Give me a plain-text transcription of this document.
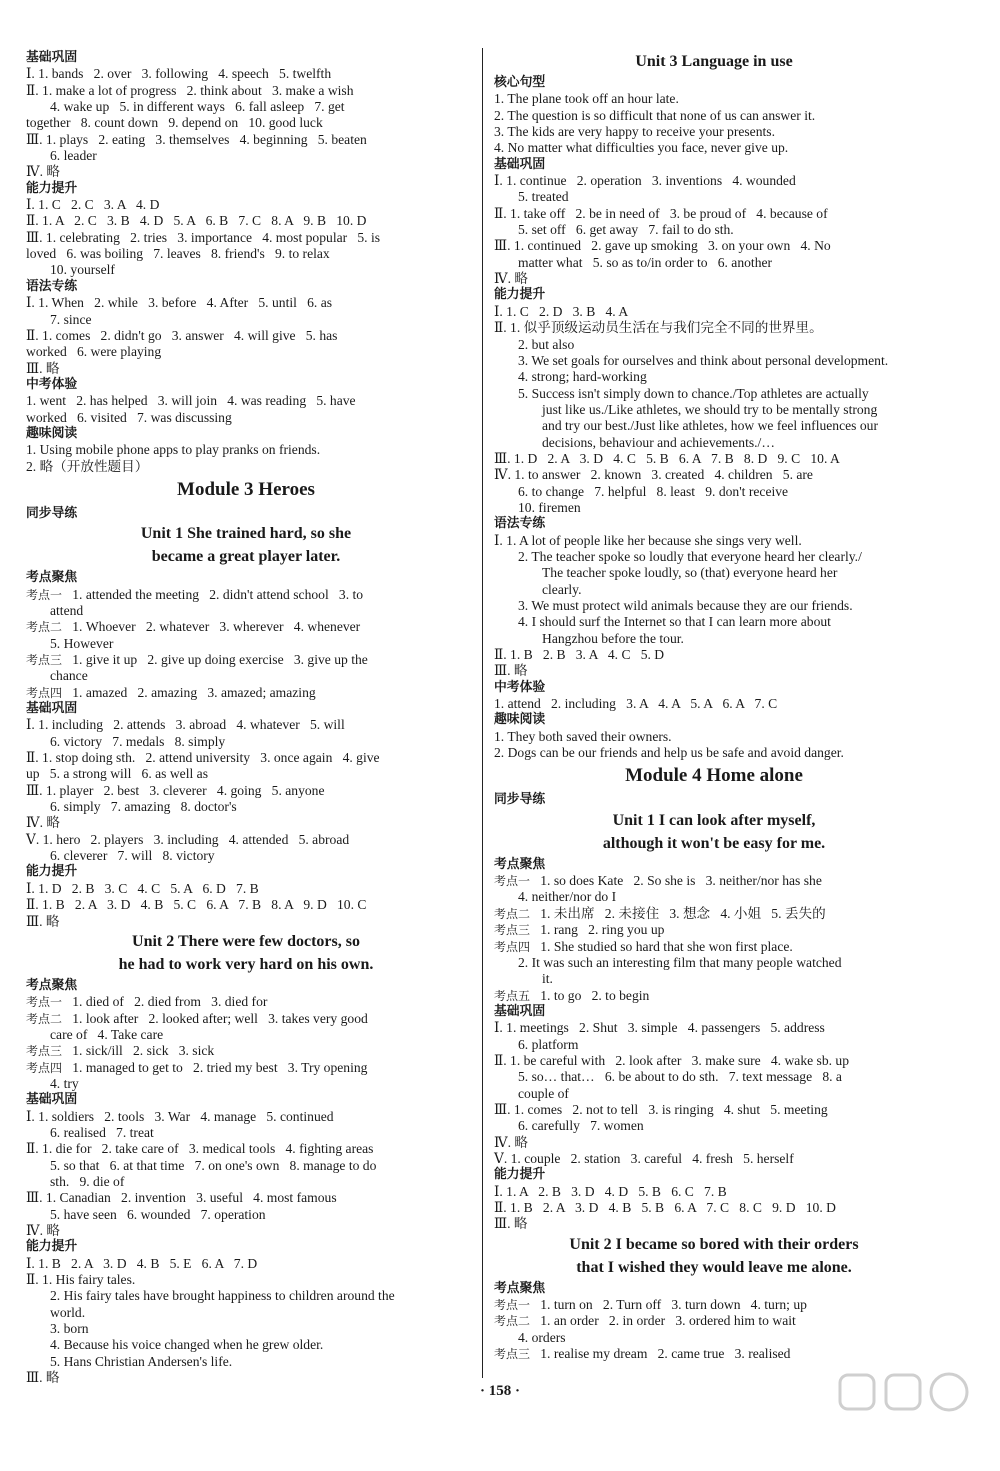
基础巩固
Ⅰ. 1. bands   2. over   3. following   4. speech   5. twelfth
Ⅱ. 1. make a lot of progress   2. think about   3. make a wish
4. wake up   5. in different ways   6. fall asleep   7. get
together   8. count down   9. depend on   10. good luck
Ⅲ. 1. plays   2. eating   3. themselves   4. beginning   5. beaten
6. leader
Ⅳ. 略
能力提升
Ⅰ. 1. C   2. C   3. A   4. D
Ⅱ. 1. A   2. C   3. B   4. D   5. A   6. B   7. C   8. A   9. B   10. D
Ⅲ. 1. celebrating   2. tries   3. importance   4. most popular   5. is
loved   6. was boiling   7. leaves   8. friend's   9. to relax
10. yourself
语法专练
Ⅰ. 1. When   2. while   3. before   4. After   5. until   6. as
7. since
Ⅱ. 1. comes   2. didn't go   3. answer   4. will give   5. has
worked   6. were playing
Ⅲ. 略
中考体验
1. went   2. has helped   3. will join   4. was reading   5. have
worked   6. visited   7. was discussing
趣味阅读
1. Using mobile phone apps to play pranks on friends.
2. 略（开放性题目）
Module 3 Heroes
同步导练
Unit 1 She trained hard, so she
became a great player later.
考点聚焦
考点一 1. attended the meeting   2. didn't attend school   3. to
attend
考点二 1. Whoever   2. whatever   3. wherever   4. whenever
5. However
考点三 1. give it up   2. give up doing exercise   3. give up the
chance
考点四 1. amazed   2. amazing   3. amazed; amazing
基础巩固
Ⅰ. 1. including   2. attends   3. abroad   4. whatever   5. will
6. victory   7. medals   8. simply
Ⅱ. 1. stop doing sth.   2. attend university   3. once again   4. give
up   5. a strong will   6. as well as
Ⅲ. 1. player   2. best   3. cleverer   4. going   5. anyone
6. simply   7. amazing   8. doctor's
Ⅳ. 略
Ⅴ. 1. hero   2. players   3. including   4. attended   5. abroad
6. cleverer   7. will   8. victory
能力提升
Ⅰ. 1. D   2. B   3. C   4. C   5. A   6. D   7. B
Ⅱ. 1. B   2. A   3. D   4. B   5. C   6. A   7. B   8. A   9. D   10. C
Ⅲ. 略
Unit 2 There were few doctors, so
he had to work very hard on his own.
考点聚焦
考点一 1. died of   2. died from   3. died for
考点二 1. look after   2. looked after; well   3. takes very good
care of   4. Take care
考点三 1. sick/ill   2. sick   3. sick
考点四 1. managed to get to   2. tried my best   3. Try opening
4. try
基础巩固
Ⅰ. 1. soldiers   2. tools   3. War   4. manage   5. continued
6. realised   7. treat
Ⅱ. 1. die for   2. take care of   3. medical tools   4. fighting areas
5. so that   6. at that time   7. on one's own   8. manage to do
sth.   9. die of
Ⅲ. 1. Canadian   2. invention   3. useful   4. most famous
5. have seen   6. wounded   7. operation
Ⅳ. 略
能力提升
Ⅰ. 1. B   2. A   3. D   4. B   5. E   6. A   7. D
Ⅱ. 1. His fairy tales.
2. His fairy tales have brought happiness to children around the
world.
3. born
4. Because his voice changed when he grew older.
5. Hans Christian Andersen's life.
Ⅲ. 略
Unit 3 Language in use
核心句型
1. The plane took off an hour late.
2. The question is so difficult that none of us can answer it.
3. The kids are very happy to receive your presents.
4. No matter what difficulties you face, never give up.
基础巩固
Ⅰ. 1. continue   2. operation   3. inventions   4. wounded
5. treated
Ⅱ. 1. take off   2. be in need of   3. be proud of   4. because of
5. set off   6. get away   7. fail to do sth.
Ⅲ. 1. continued   2. gave up smoking   3. on your own   4. No
matter what   5. so as to/in order to   6. another
Ⅳ. 略
能力提升
Ⅰ. 1. C   2. D   3. B   4. A
Ⅱ. 1. 似乎顶级运动员生活在与我们完全不同的世界里。
2. but also
3. We set goals for ourselves and think about personal development.
4. strong; hard-working
5. Success isn't simply down to chance./Top athletes are actually
just like us./Like athletes, we should try to be mentally strong
and try our best./Just like athletes, how we feel influences our
decisions, behaviour and achievements./…
Ⅲ. 1. D   2. A   3. D   4. C   5. B   6. A   7. B   8. D   9. C   10. A
Ⅳ. 1. to answer   2. known   3. created   4. children   5. are
6. to change   7. helpful   8. least   9. don't receive
10. firemen
语法专练
Ⅰ. 1. A lot of people like her because she sings very well.
2. The teacher spoke so loudly that everyone heard her clearly./
The teacher spoke loudly, so (that) everyone heard her
clearly.
3. We must protect wild animals because they are our friends.
4. I should surf the Internet so that I can learn more about
Hangzhou before the tour.
Ⅱ. 1. B   2. B   3. A   4. C   5. D
Ⅲ. 略
中考体验
1. attend   2. including   3. A   4. A   5. A   6. A   7. C
趣味阅读
1. They both saved their owners.
2. Dogs can be our friends and help us be safe and avoid danger.
Module 4 Home alone
同步导练
Unit 1 I can look after myself,
although it won't be easy for me.
考点聚焦
考点一 1. so does Kate   2. So she is   3. neither/nor has she
4. neither/nor do I
考点二 1. 未出席   2. 未接住   3. 想念   4. 小姐   5. 丢失的
考点三 1. rang   2. ring you up
考点四 1. She studied so hard that she won first place.
2. It was such an interesting film that many people watched
it.
考点五 1. to go   2. to begin
基础巩固
Ⅰ. 1. meetings   2. Shut   3. simple   4. passengers   5. address
6. platform
Ⅱ. 1. be careful with   2. look after   3. make sure   4. wake sb. up
5. so… that…   6. be about to do sth.   7. text message   8. a
couple of
Ⅲ. 1. comes   2. not to tell   3. is ringing   4. shut   5. meeting
6. carefully   7. women
Ⅳ. 略
Ⅴ. 1. couple   2. station   3. careful   4. fresh   5. herself
能力提升
Ⅰ. 1. A   2. B   3. D   4. D   5. B   6. C   7. B
Ⅱ. 1. B   2. A   3. D   4. B   5. B   6. A   7. C   8. C   9. D   10. D
Ⅲ. 略
Unit 2 I became so bored with their orders
that I wished they would leave me alone.
考点聚焦
考点一 1. turn on   2. Turn off   3. turn down   4. turn; up
考点二 1. an order   2. in order   3. ordered him to wait
4. orders
考点三 1. realise my dream   2. came true   3. realised
· 158 ·
